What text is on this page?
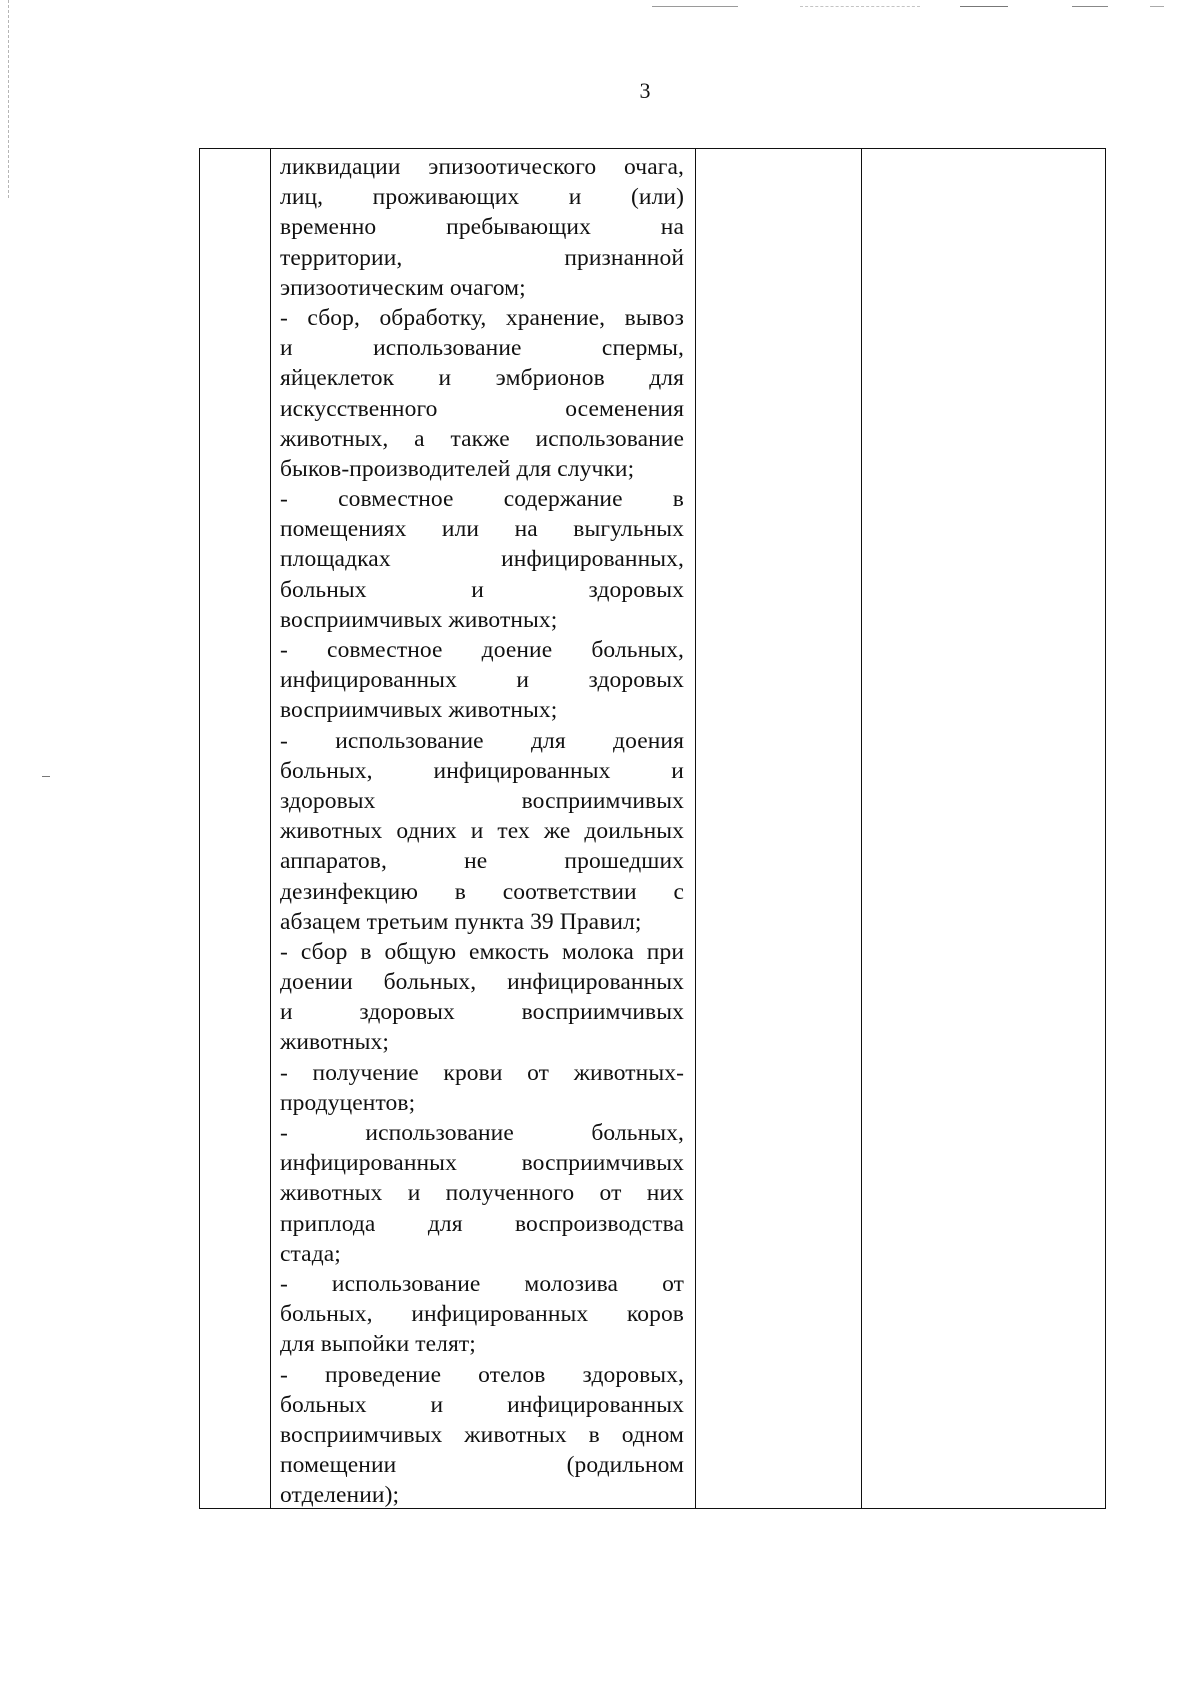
3

ликвидации эпизоотического очага,
лиц, проживающих и (или)
временно пребывающих на
территории, признанной
эпизоотическим очагом;
- сбор, обработку, хранение, вывоз
и использование спермы,
яйцеклеток и эмбрионов для
искусственного осеменения
животных, а также использование
быков-производителей для случки;
- совместное содержание в
помещениях или на выгульных
площадках инфицированных,
больных и здоровых
восприимчивых животных;
- совместное доение больных,
инфицированных и здоровых
восприимчивых животных;
- использование для доения
больных, инфицированных и
здоровых восприимчивых
животных одних и тех же доильных
аппаратов, не прошедших
дезинфекцию в соответствии с
абзацем третьим пункта 39 Правил;
- сбор в общую емкость молока при
доении больных, инфицированных
и здоровых восприимчивых
животных;
- получение крови от животных-
продуцентов;
- использование больных,
инфицированных восприимчивых
животных и полученного от них
приплода для воспроизводства
стада;
- использование молозива от
больных, инфицированных коров
для выпойки телят;
- проведение отелов здоровых,
больных и инфицированных
восприимчивых животных в одном
помещении (родильном
отделении);
